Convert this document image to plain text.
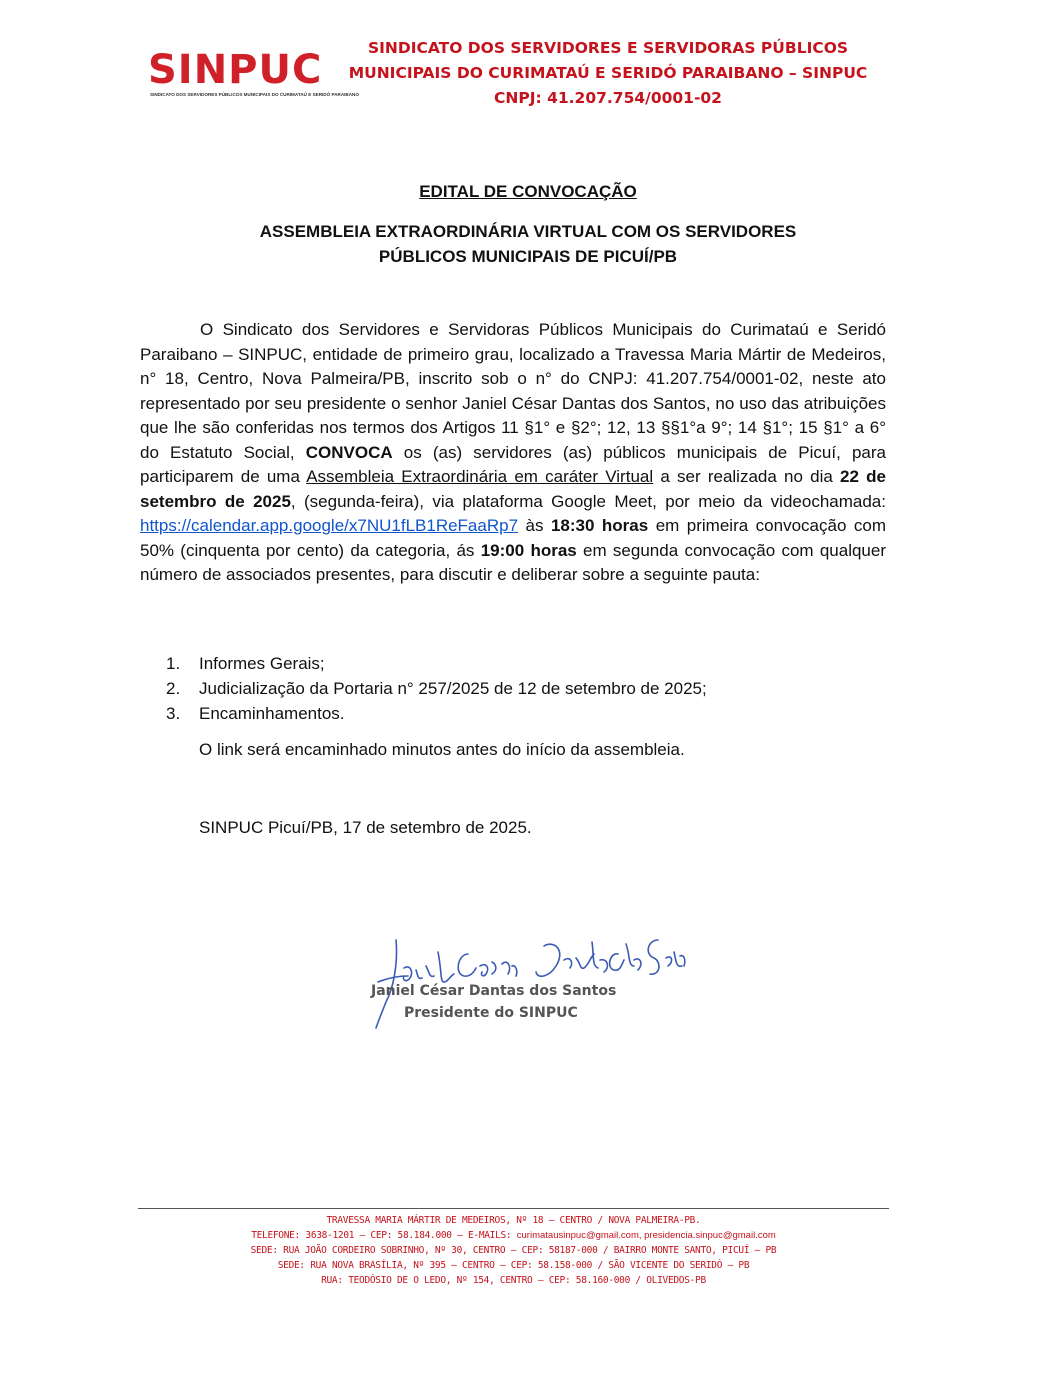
SINPUC
SINDICATO DOS SERVIDORES PÚBLICOS MUNICIPAIS DO CURIMATAÚ E SERIDÓ PARAIBANO
SINDICATO DOS SERVIDORES E SERVIDORAS PÚBLICOS
MUNICIPAIS DO CURIMATAÚ E SERIDÓ PARAIBANO – SINPUC
CNPJ: 41.207.754/0001-02
EDITAL DE CONVOCAÇÃO
ASSEMBLEIA EXTRAORDINÁRIA VIRTUAL COM OS SERVIDORES
PÚBLICOS MUNICIPAIS DE PICUÍ/PB

O Sindicato dos Servidores e Servidoras Públicos Municipais do Curimataú e Seridó Paraibano – SINPUC, entidade de primeiro grau, localizado a Travessa Maria Mártir de Medeiros, n° 18, Centro, Nova Palmeira/PB, inscrito sob o n° do CNPJ: 41.207.754/0001-02, neste ato representado por seu presidente o senhor Janiel César Dantas dos Santos, no uso das atribuições que lhe são conferidas nos termos dos Artigos 11 §1° e §2°; 12, 13 §§1°a 9°; 14 §1°; 15 §1° a 6° do Estatuto Social, CONVOCA os (as) servidores (as) públicos municipais de Picuí, para participarem de uma Assembleia Extraordinária em caráter Virtual a ser realizada no dia 22 de setembro de 2025, (segunda-feira), via plataforma Google Meet, por meio da videochamada: https://calendar.app.google/x7NU1fLB1ReFaaRp7 às 18:30 horas em primeira convocação com 50% (cinquenta por cento) da categoria, ás 19:00 horas em segunda convocação com qualquer número de associados presentes, para discutir e deliberar sobre a seguinte pauta:

1. Informes Gerais;
2. Judicialização da Portaria n° 257/2025 de 12 de setembro de 2025;
3. Encaminhamentos.
O link será encaminhado minutos antes do início da assembleia.
SINPUC Picuí/PB, 17 de setembro de 2025.
Janiel César Dantas dos Santos
Presidente do SINPUC
TRAVESSA MARIA MÁRTIR DE MEDEIROS, Nº 18 – CENTRO / NOVA PALMEIRA-PB.
TELEFONE: 3638-1201 – CEP: 58.184.000 – E-MAILS: curimatausinpuc@gmail.com, presidencia.sinpuc@gmail.com
SEDE: RUA JOÃO CORDEIRO SOBRINHO, Nº 30, CENTRO – CEP: 58187-000 / BAIRRO MONTE SANTO, PICUÍ – PB
SEDE: RUA NOVA BRASÍLIA, Nº 395 – CENTRO – CEP: 58.158-000 / SÃO VICENTE DO SERIDÓ – PB
RUA: TEODÓSIO DE O LEDO, Nº 154, CENTRO – CEP: 58.160-000 / OLIVEDOS-PB
